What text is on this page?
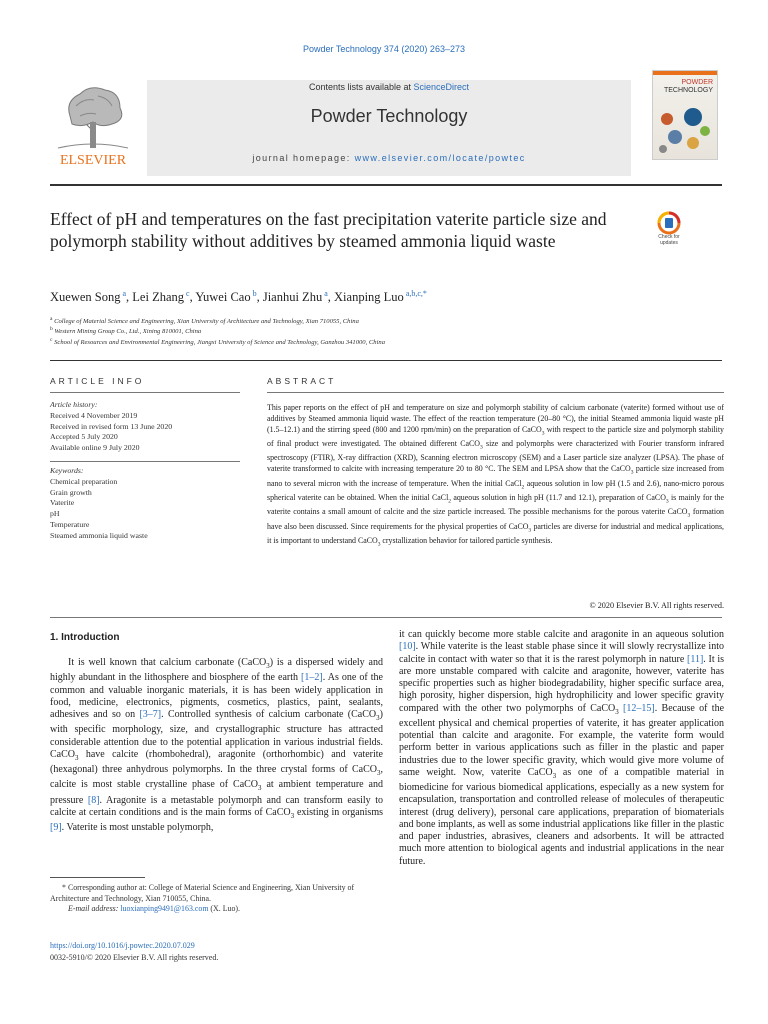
Powder Technology 374 (2020) 263–273
ELSEVIER
Contents lists available at ScienceDirect
Powder Technology
journal homepage: www.elsevier.com/locate/powtec
POWDER
TECHNOLOGY
Effect of pH and temperatures on the fast precipitation vaterite particle size and polymorph stability without additives by steamed ammonia liquid waste	Check for
updates
Xuewen Song $^a$, Lei Zhang $^c$, Yuwei Cao $^b$, Jianhui Zhu $^a$, Xianping Luo $^{a,b,c,*}$
$^a$ College of Material Science and Engineering, Xian University of Architecture and Technology, Xian 710055, China
$^b$ Western Mining Group Co., Ltd., Xining 810001, China
$^c$ School of Resources and Environmental Engineering, Jiangxi University of Science and Technology, Ganzhou 341000, China
ARTICLE INFO
Article history:
Received 4 November 2019
Received in revised form 13 June 2020
Accepted 5 July 2020
Available online 9 July 2020
Keywords:
Chemical preparation
Grain growth
Vaterite
pH
Temperature
Steamed ammonia liquid waste
ABSTRACT
This paper reports on the effect of pH and temperature on size and polymorph stability of calcium carbonate (vaterite) formed without use of additives by Steamed ammonia liquid waste. The effect of the reaction temperature (20–80 °C), the initial Steamed ammonia liquid waste pH (1.5–12.1) and the stirring speed (800 and 1200 rpm/min) on the preparation of CaCO$_3$ with respect to the particle size and polymorph stability of final product were investigated. The obtained different CaCO$_3$ size and polymorphs were characterized with Fourier transform infrared spectroscopy (FTIR), X-ray diffraction (XRD), Scanning electron microscopy (SEM) and a Laser particle size analyzer (LPSA). The phase of vaterite transformed to calcite with increasing temperature 20 to 80 °C. The SEM and LPSA show that the CaCO$_3$ particle size increased from nano to several micron with the increase of temperature. When the initial CaCl$_2$ aqueous solution in low pH (1.5 and 2.6), nano-micro porous spherical vaterite can be obtained. When the initial CaCl$_2$ aqueous solution in high pH (11.7 and 12.1), preparation of CaCO$_3$ is mainly for the vaterite contains a small amount of calcite and the size particle increased. The possible mechanisms for the porous vaterite CaCO$_3$ formation have also been discussed. Since requirements for the physical properties of CaCO$_3$ particles are diverse for industrial and medical applications, it is important to understand CaCO$_3$ crystallization behavior for tailored particle synthesis.
© 2020 Elsevier B.V. All rights reserved.
1. Introduction
It is well known that calcium carbonate (CaCO$_3$) is a dispersed widely and highly abundant in the lithosphere and biosphere of the earth [1–2]. As one of the common and valuable inorganic materials, it is has been widely application in food, medicine, electronics, pigments, cosmetics, plastics, paint, sealants, adhesives and so on [3–7]. Controlled synthesis of calcium carbonate (CaCO$_3$) with specific morphology, size, and crystallographic structure has attracted considerable attention due to the potential application in various industrial fields. CaCO$_3$ have calcite (rhombohedral), aragonite (orthorhombic) and vaterite (hexagonal) three anhydrous polymorphs. In the three crystal forms of CaCO$_3$, calcite is most stable crystalline phase of CaCO$_3$ at ambient temperature and pressure [8]. Aragonite is a metastable polymorph and can transform easily to calcite at certain conditions and is the main forms of CaCO$_3$ existing in organisms [9]. Vaterite is most unstable polymorph,
it can quickly become more stable calcite and aragonite in an aqueous solution [10]. While vaterite is the least stable phase since it will slowly recrystallize into calcite in contact with water so that it is the rarest polymorph in nature [11]. It is are more unstable compared with calcite and aragonite, however, vaterite has specific properties such as higher biodegradability, higher specific surface area, high porosity, higher dispersion, high hydrophilicity and lower specific gravity compared with the other two polymorphs of CaCO$_3$ [12–15]. Because of the excellent physical and chemical properties of vaterite, it has greater application potential than calcite and aragonite. For example, the vaterite form would perform better in various applications such as filler in the plastic and paper industries due to the lower specific gravity, which would give more volume of same weight. Now, vaterite CaCO$_3$ as one of a compatible material in biomedicine for various biomedical applications, especially as a new system for encapsulation, transportation and controlled release of molecules of therapeutic interest (drug delivery), personal care applications, preparation of biomaterials and bone implants, as well as some industrial applications like filler in the plastic and paper industries, abrasives, cleaners and adsorbents. It will be attracted much more attention to biological agents and industrial applications in the near future.
* Corresponding author at: College of Material Science and Engineering, Xian University of Architecture and Technology, Xian 710055, China.
E-mail address: luoxianping9491@163.com (X. Luo).
https://doi.org/10.1016/j.powtec.2020.07.029
0032-5910/© 2020 Elsevier B.V. All rights reserved.
